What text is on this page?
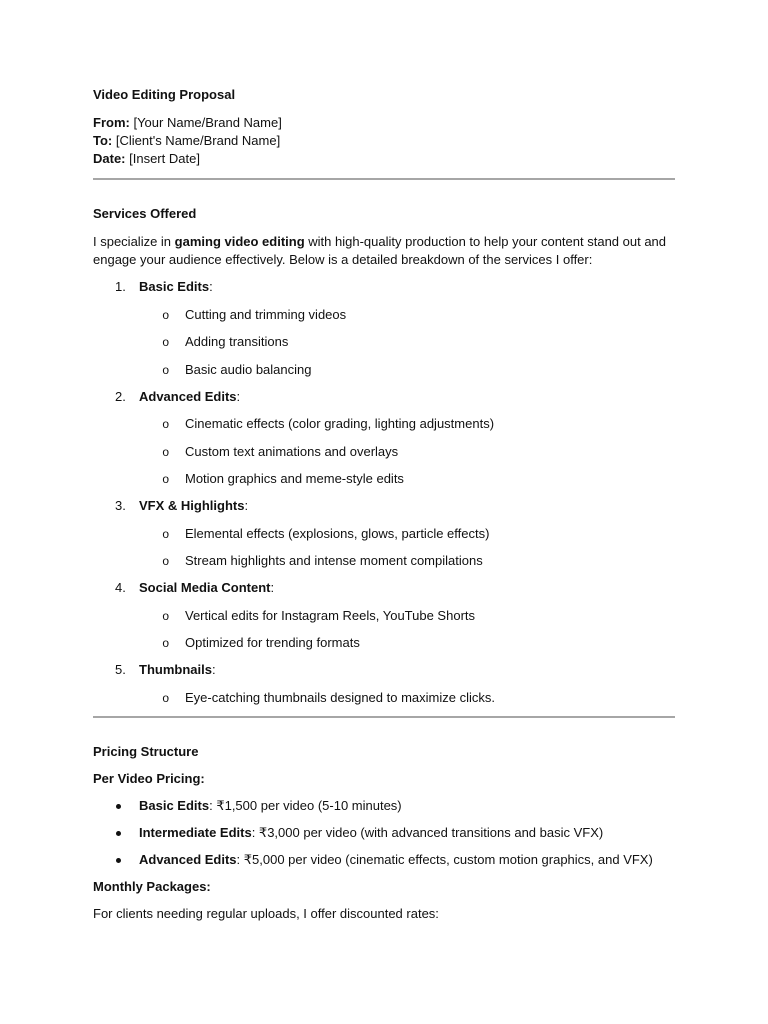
Video Editing Proposal

From: [Your Name/Brand Name]
To: [Client's Name/Brand Name]
Date: [Insert Date]

Services Offered

I specialize in gaming video editing with high-quality production to help your content stand out and engage your audience effectively. Below is a detailed breakdown of the services I offer:

1.	Basic Edits:
o	Cutting and trimming videos
o	Adding transitions
o	Basic audio balancing
2.	Advanced Edits:
o	Cinematic effects (color grading, lighting adjustments)
o	Custom text animations and overlays
o	Motion graphics and meme-style edits
3.	VFX & Highlights:
o	Elemental effects (explosions, glows, particle effects)
o	Stream highlights and intense moment compilations
4.	Social Media Content:
o	Vertical edits for Instagram Reels, YouTube Shorts
o	Optimized for trending formats
5.	Thumbnails:
o	Eye-catching thumbnails designed to maximize clicks.

Pricing Structure

Per Video Pricing:

Basic Edits: ₹1,500 per video (5-10 minutes)
Intermediate Edits: ₹3,000 per video (with advanced transitions and basic VFX)
Advanced Edits: ₹5,000 per video (cinematic effects, custom motion graphics, and VFX)

Monthly Packages:

For clients needing regular uploads, I offer discounted rates:
